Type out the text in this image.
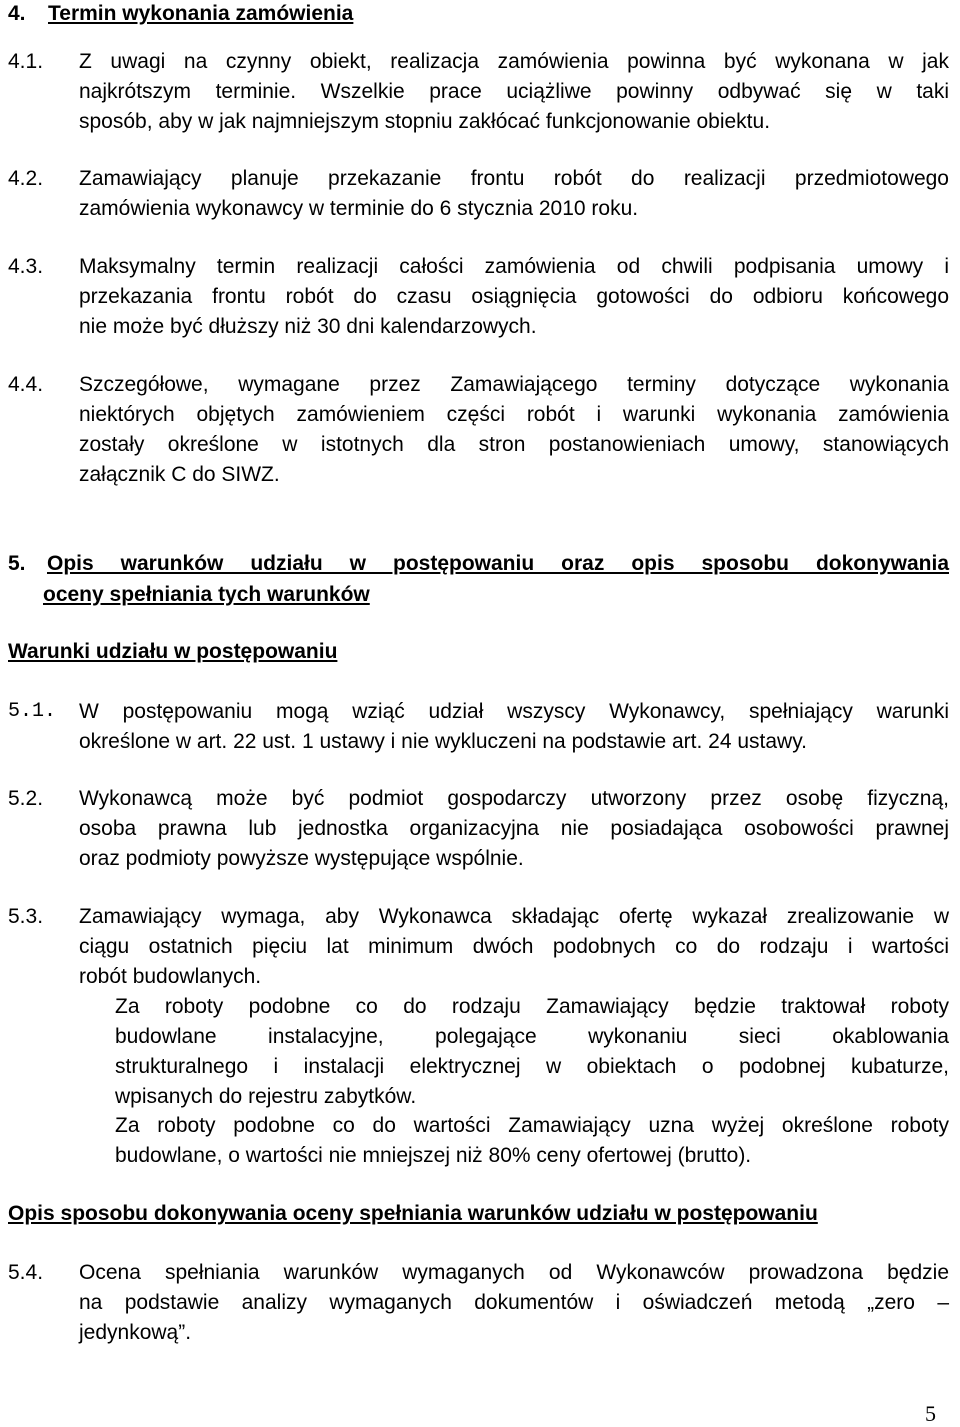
4. Termin wykonania zamówienia
4.1. Z uwagi na czynny obiekt, realizacja zamówienia powinna być wykonana w jak
najkrótszym terminie. Wszelkie prace uciążliwe powinny odbywać się w taki
sposób, aby w jak najmniejszym stopniu zakłócać funkcjonowanie obiektu.
4.2. Zamawiający planuje przekazanie frontu robót do realizacji przedmiotowego
zamówienia wykonawcy w terminie do 6 stycznia 2010 roku.
4.3. Maksymalny termin realizacji całości zamówienia od chwili podpisania umowy i
przekazania frontu robót do czasu osiągnięcia gotowości do odbioru końcowego
nie może być dłuższy niż 30 dni kalendarzowych.
4.4. Szczegółowe, wymagane przez Zamawiającego terminy dotyczące wykonania
niektórych objętych zamówieniem części robót i warunki wykonania zamówienia
zostały określone w istotnych dla stron postanowieniach umowy, stanowiących
załącznik C do SIWZ.
5. Opis warunków udziału w postępowaniu oraz opis sposobu dokonywania
oceny spełniania tych warunków
Warunki udziału w postępowaniu
5.1. W postępowaniu mogą wziąć udział wszyscy Wykonawcy, spełniający warunki
określone w art. 22 ust. 1 ustawy i nie wykluczeni na podstawie art. 24 ustawy.
5.2. Wykonawcą może być podmiot gospodarczy utworzony przez osobę fizyczną,
osoba prawna lub jednostka organizacyjna nie posiadająca osobowości prawnej
oraz podmioty powyższe występujące wspólnie.
5.3. Zamawiający wymaga, aby Wykonawca składając ofertę wykazał zrealizowanie w
ciągu ostatnich pięciu lat minimum dwóch podobnych co do rodzaju i wartości
robót budowlanych.
Za roboty podobne co do rodzaju Zamawiający będzie traktował roboty
budowlane instalacyjne, polegające wykonaniu sieci okablowania
strukturalnego i instalacji elektrycznej w obiektach o podobnej kubaturze,
wpisanych do rejestru zabytków.
Za roboty podobne co do wartości Zamawiający uzna wyżej określone roboty
budowlane, o wartości nie mniejszej niż 80% ceny ofertowej (brutto).
Opis sposobu dokonywania oceny spełniania warunków udziału w postępowaniu
5.4. Ocena spełniania warunków wymaganych od Wykonawców prowadzona będzie
na podstawie analizy wymaganych dokumentów i oświadczeń metodą „zero –
jedynkową”.
5
